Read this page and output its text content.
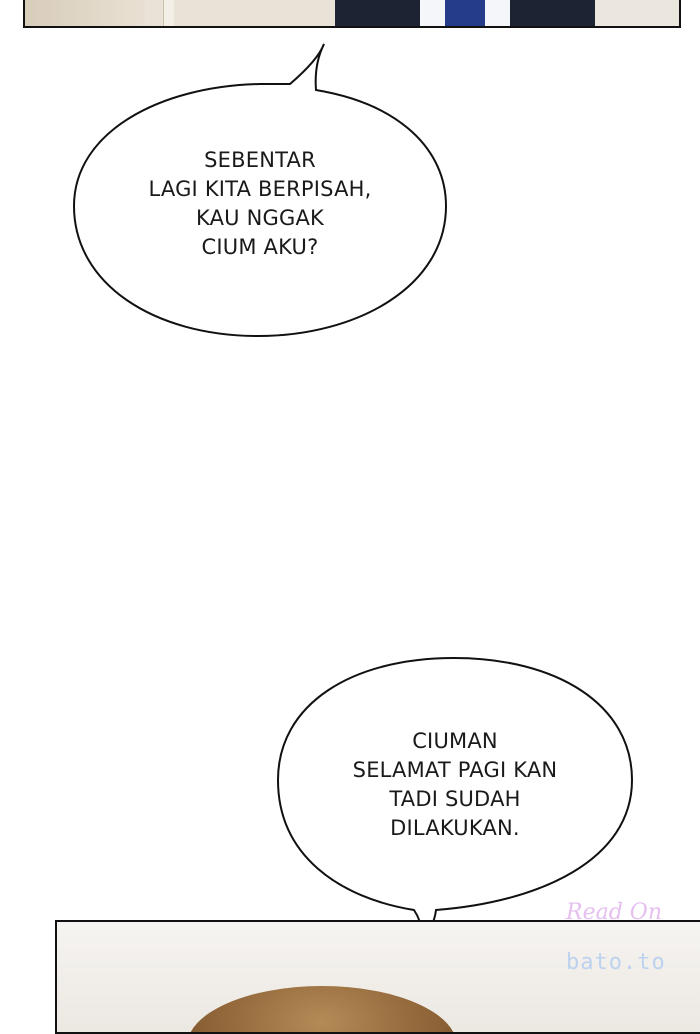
SEBENTAR
LAGI KITA BERPISAH,
KAU NGGAK
CIUM AKU?
CIUMAN
SELAMAT PAGI KAN
TADI SUDAH
DILAKUKAN.
Read On
bato.to
